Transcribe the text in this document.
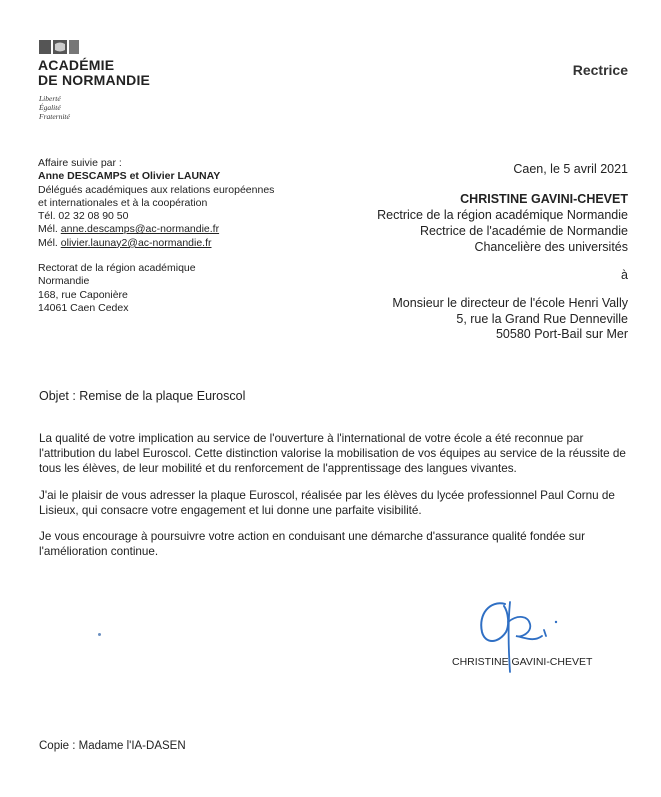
ACADÉMIE
DE NORMANDIE
Liberté
Égalité
Fraternité
Rectrice
Affaire suivie par :
Anne DESCAMPS et Olivier LAUNAY
Délégués académiques aux relations européennes
et internationales et à la coopération
Tél. 02 32 08 90 50
Mél. anne.descamps@ac-normandie.fr
Mél. olivier.launay2@ac-normandie.fr
Rectorat de la région académique
Normandie
168, rue Caponière
14061 Caen Cedex
Caen, le 5 avril 2021
CHRISTINE GAVINI-CHEVET
Rectrice de la région académique Normandie
Rectrice de l'académie de Normandie
Chancelière des universités
à
Monsieur le directeur de l'école Henri Vally
5, rue la Grand Rue Denneville
50580 Port-Bail sur Mer
Objet : Remise de la plaque Euroscol
La qualité de votre implication au service de l'ouverture à l'international de votre école a été reconnue par l'attribution du label Euroscol. Cette distinction valorise la mobilisation de vos équipes au service de la réussite de tous les élèves, de leur mobilité et du renforcement de l'apprentissage des langues vivantes.
J'ai le plaisir de vous adresser la plaque Euroscol, réalisée par les élèves du lycée professionnel Paul Cornu de Lisieux, qui consacre votre engagement et lui donne une parfaite visibilité.
Je vous encourage à poursuivre votre action en conduisant une démarche d'assurance qualité fondée sur l'amélioration continue.
CHRISTINE GAVINI-CHEVET
Copie : Madame l'IA-DASEN
